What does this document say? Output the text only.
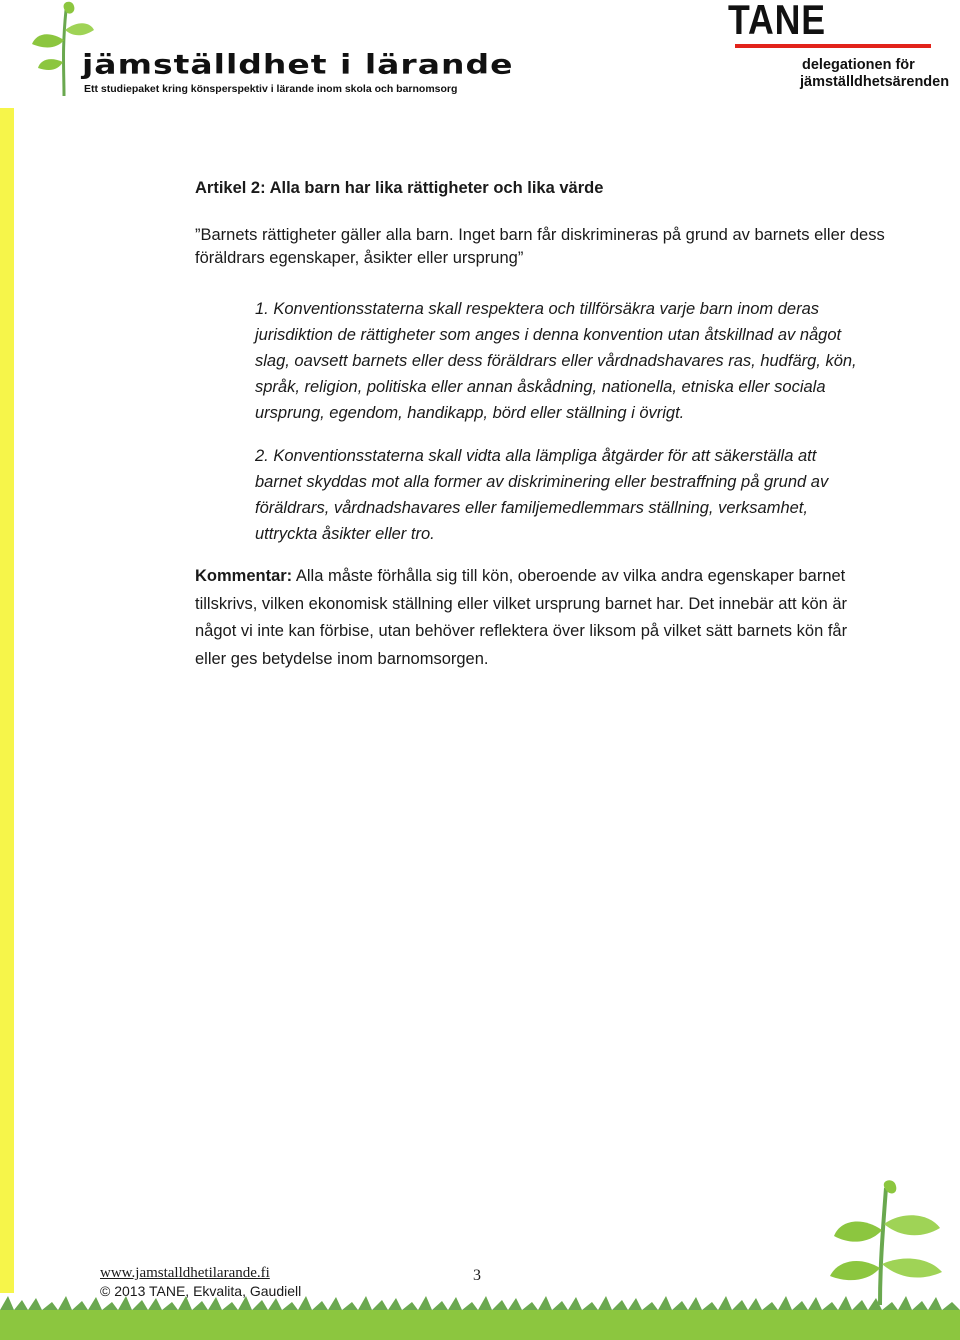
jämställdhet i lärande
Ett studiepaket kring könsperspektiv i lärande inom skola och barnomsorg
TANE
delegationen för
jämställdhetsärenden
Artikel 2: Alla barn har lika rättigheter och lika värde

”Barnets rättigheter gäller alla barn. Inget barn får diskrimineras på grund av barnets eller dess föräldrars egenskaper, åsikter eller ursprung”

1. Konventionsstaterna skall respektera och tillförsäkra varje barn inom deras jurisdiktion de rättigheter som anges i denna konvention utan åtskillnad av något slag, oavsett barnets eller dess föräldrars eller vårdnadshavares ras, hudfärg, kön, språk, religion, politiska eller annan åskådning, nationella, etniska eller sociala ursprung, egendom, handikapp, börd eller ställning i övrigt.

2. Konventionsstaterna skall vidta alla lämpliga åtgärder för att säkerställa att barnet skyddas mot alla former av diskriminering eller bestraffning på grund av föräldrars, vårdnadshavares eller familjemedlemmars ställning, verksamhet, uttryckta åsikter eller tro.

Kommentar: Alla måste förhålla sig till kön, oberoende av vilka andra egenskaper barnet tillskrivs, vilken ekonomisk ställning eller vilket ursprung barnet har. Det innebär att kön är något vi inte kan förbise, utan behöver reflektera över liksom på vilket sätt barnets kön får eller ges betydelse inom barnomsorgen.

www.jamstalldhetilarande.fi
© 2013 TANE, Ekvalita, Gaudiell
3
